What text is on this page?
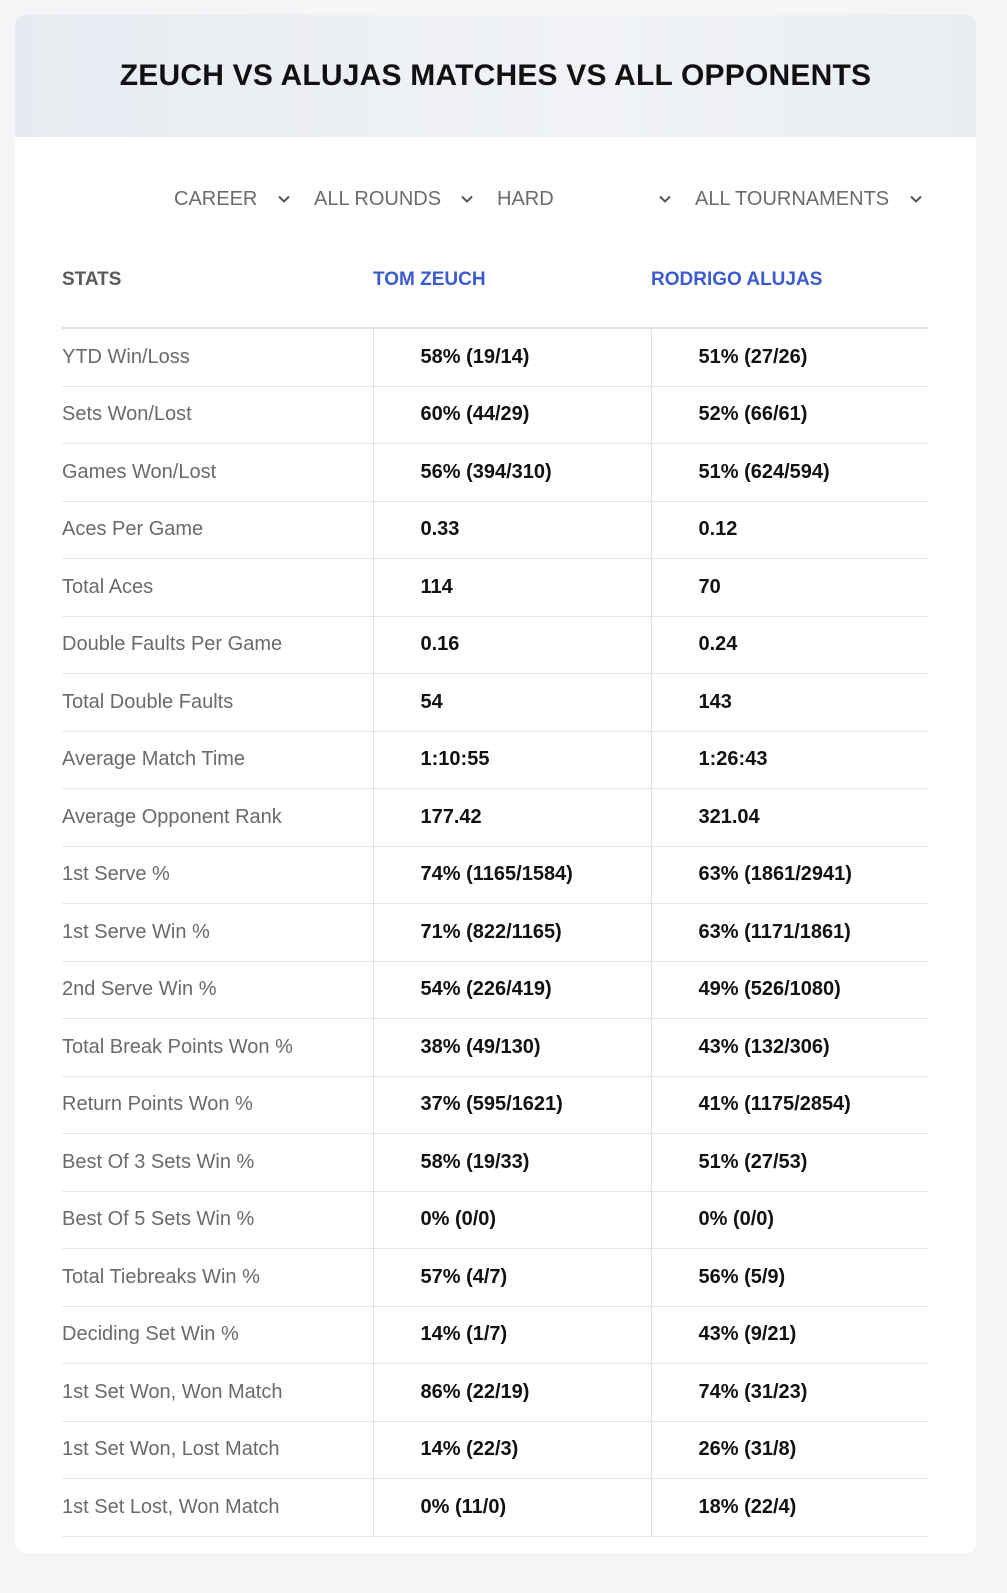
ZEUCH VS ALUJAS MATCHES VS ALL OPPONENTS
CAREER	ALL ROUNDS	HARD	ALL TOURNAMENTS
STATS	TOM ZEUCH	RODRIGO ALUJAS
YTD Win/Loss	58% (19/14)	51% (27/26)
Sets Won/Lost	60% (44/29)	52% (66/61)
Games Won/Lost	56% (394/310)	51% (624/594)
Aces Per Game	0.33	0.12
Total Aces	114	70
Double Faults Per Game	0.16	0.24
Total Double Faults	54	143
Average Match Time	1:10:55	1:26:43
Average Opponent Rank	177.42	321.04
1st Serve %	74% (1165/1584)	63% (1861/2941)
1st Serve Win %	71% (822/1165)	63% (1171/1861)
2nd Serve Win %	54% (226/419)	49% (526/1080)
Total Break Points Won %	38% (49/130)	43% (132/306)
Return Points Won %	37% (595/1621)	41% (1175/2854)
Best Of 3 Sets Win %	58% (19/33)	51% (27/53)
Best Of 5 Sets Win %	0% (0/0)	0% (0/0)
Total Tiebreaks Win %	57% (4/7)	56% (5/9)
Deciding Set Win %	14% (1/7)	43% (9/21)
1st Set Won, Won Match	86% (22/19)	74% (31/23)
1st Set Won, Lost Match	14% (22/3)	26% (31/8)
1st Set Lost, Won Match	0% (11/0)	18% (22/4)
